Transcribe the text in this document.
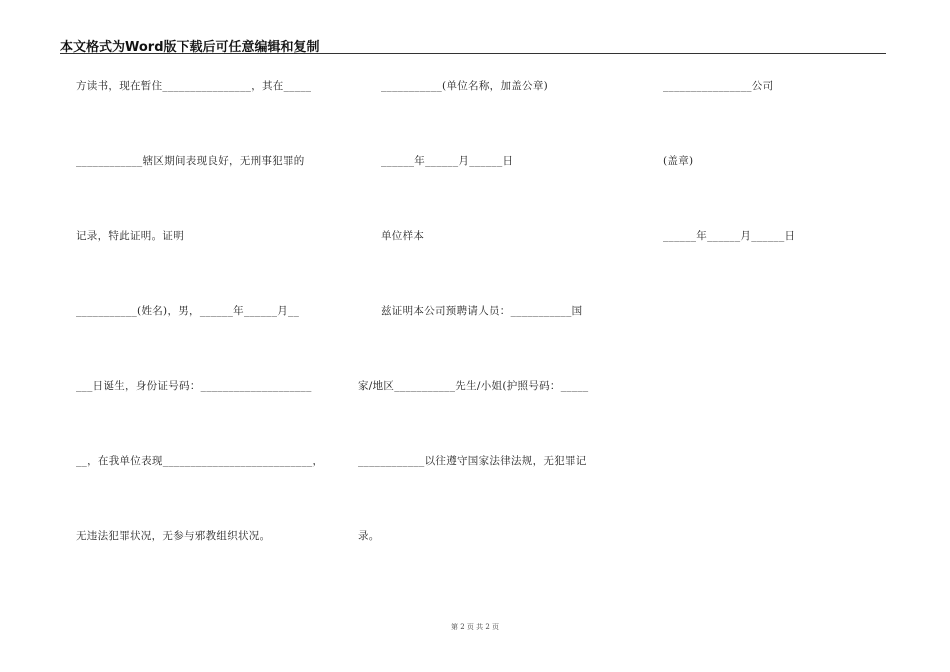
本文格式为Word版下载后可任意编辑和复制
方读书，现在暂住________________，其在_____
____________辖区期间表现良好，无刑事犯罪的
记录，特此证明。证明
___________(姓名)，男，______年______月__
___日诞生，身份证号码：____________________
__，在我单位表现___________________________，
无违法犯罪状况，无参与邪教组织状况。
___________(单位名称，加盖公章)
______年______月______日
单位样本
兹证明本公司预聘请人员：___________国
家/地区___________先生/小姐(护照号码：_____
____________以往遵守国家法律法规，无犯罪记
录。
________________公司
(盖章)
______年______月______日
第 2 页 共 2 页
